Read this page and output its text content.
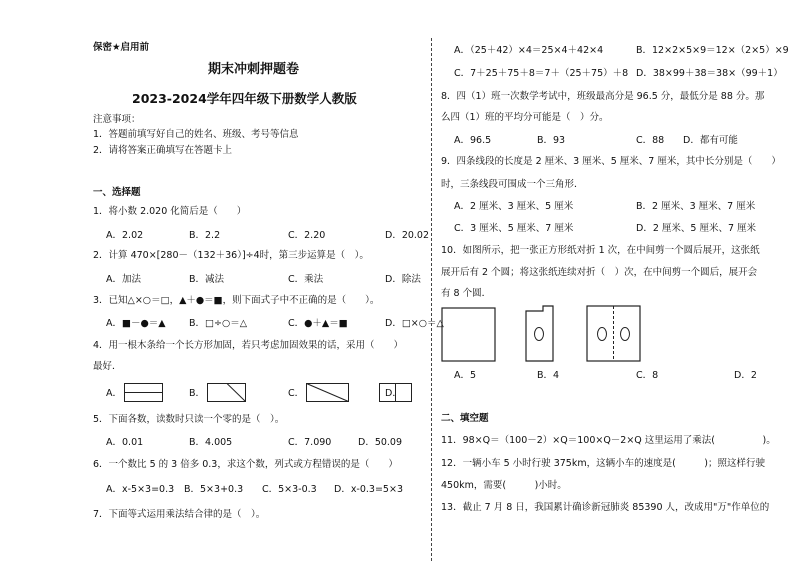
保密★启用前
期末冲刺押题卷
2023-2024学年四年级下册数学人教版
注意事项：
1．答题前填写好自己的姓名、班级、考号等信息
2．请将答案正确填写在答题卡上
一、选择题
1．将小数 2.020 化简后是（　　）
A．2.02	B．2.2	C．2.20	D．20.02
2．计算 470×[280－（132＋36）]÷4时，第三步运算是（　）。
A．加法	B．减法	C．乘法	D．除法
3．已知△×○＝□，▲＋●＝■，则下面式子中不正确的是（　　）。
A．■－●＝▲ B．□÷○＝△	C．●＋▲＝■	D．□×○＝△
4．用一根木条给一个长方形加固，若只考虑加固效果的话，采用（　　）
最好．
A．	B．	C．	D．
5．下面各数，读数时只读一个零的是（　）。
A．0.01	B．4.005	C．7.090	D．50.09
6．一个数比 5 的 3 倍多 0.3，求这个数，列式或方程错误的是（　　）
A．x-5×3=0.3 B．5×3+0.3 C．5×3-0.3 D．x-0.3=5×3
7．下面等式运用乘法结合律的是（　）。
A．（25＋42）×4＝25×4＋42×4	B．12×2×5×9＝12×（2×5）×9
C．7＋25＋75＋8＝7＋（25＋75）＋8 D．38×99＋38＝38×（99＋1）
8．四（1）班一次数学考试中，班级最高分是 96.5 分，最低分是 88 分。那
么四（1）班的平均分可能是（　）分。
A．96.5	B．93	C．88 D．都有可能
9．四条线段的长度是 2 厘米、3 厘米、5 厘米、7 厘米，其中长分别是（　　）
时，三条线段可围成一个三角形．
A．2 厘米、3 厘米、5 厘米	B．2 厘米、3 厘米、7 厘米
C．3 厘米、5 厘米、7 厘米	D．2 厘米、5 厘米、7 厘米
10．如图所示，把一张正方形纸对折 1 次，在中间剪一个圆后展开，这张纸
展开后有 2 个圆；将这张纸连续对折（　）次，在中间剪一个圆后，展开会
有 8 个圆．
A．5	B．4	C．8	D．2
二、填空题
11．98×Q＝（100－2）×Q＝100×Q－2×Q 这里运用了乘法(　　　　　)。
12．一辆小车 5 小时行驶 375km，这辆小车的速度是(　　　)；照这样行驶
450km，需要(　　　)小时。
13．截止 7 月 8 日，我国累计确诊新冠肺炎 85390 人，改成用"万"作单位的
